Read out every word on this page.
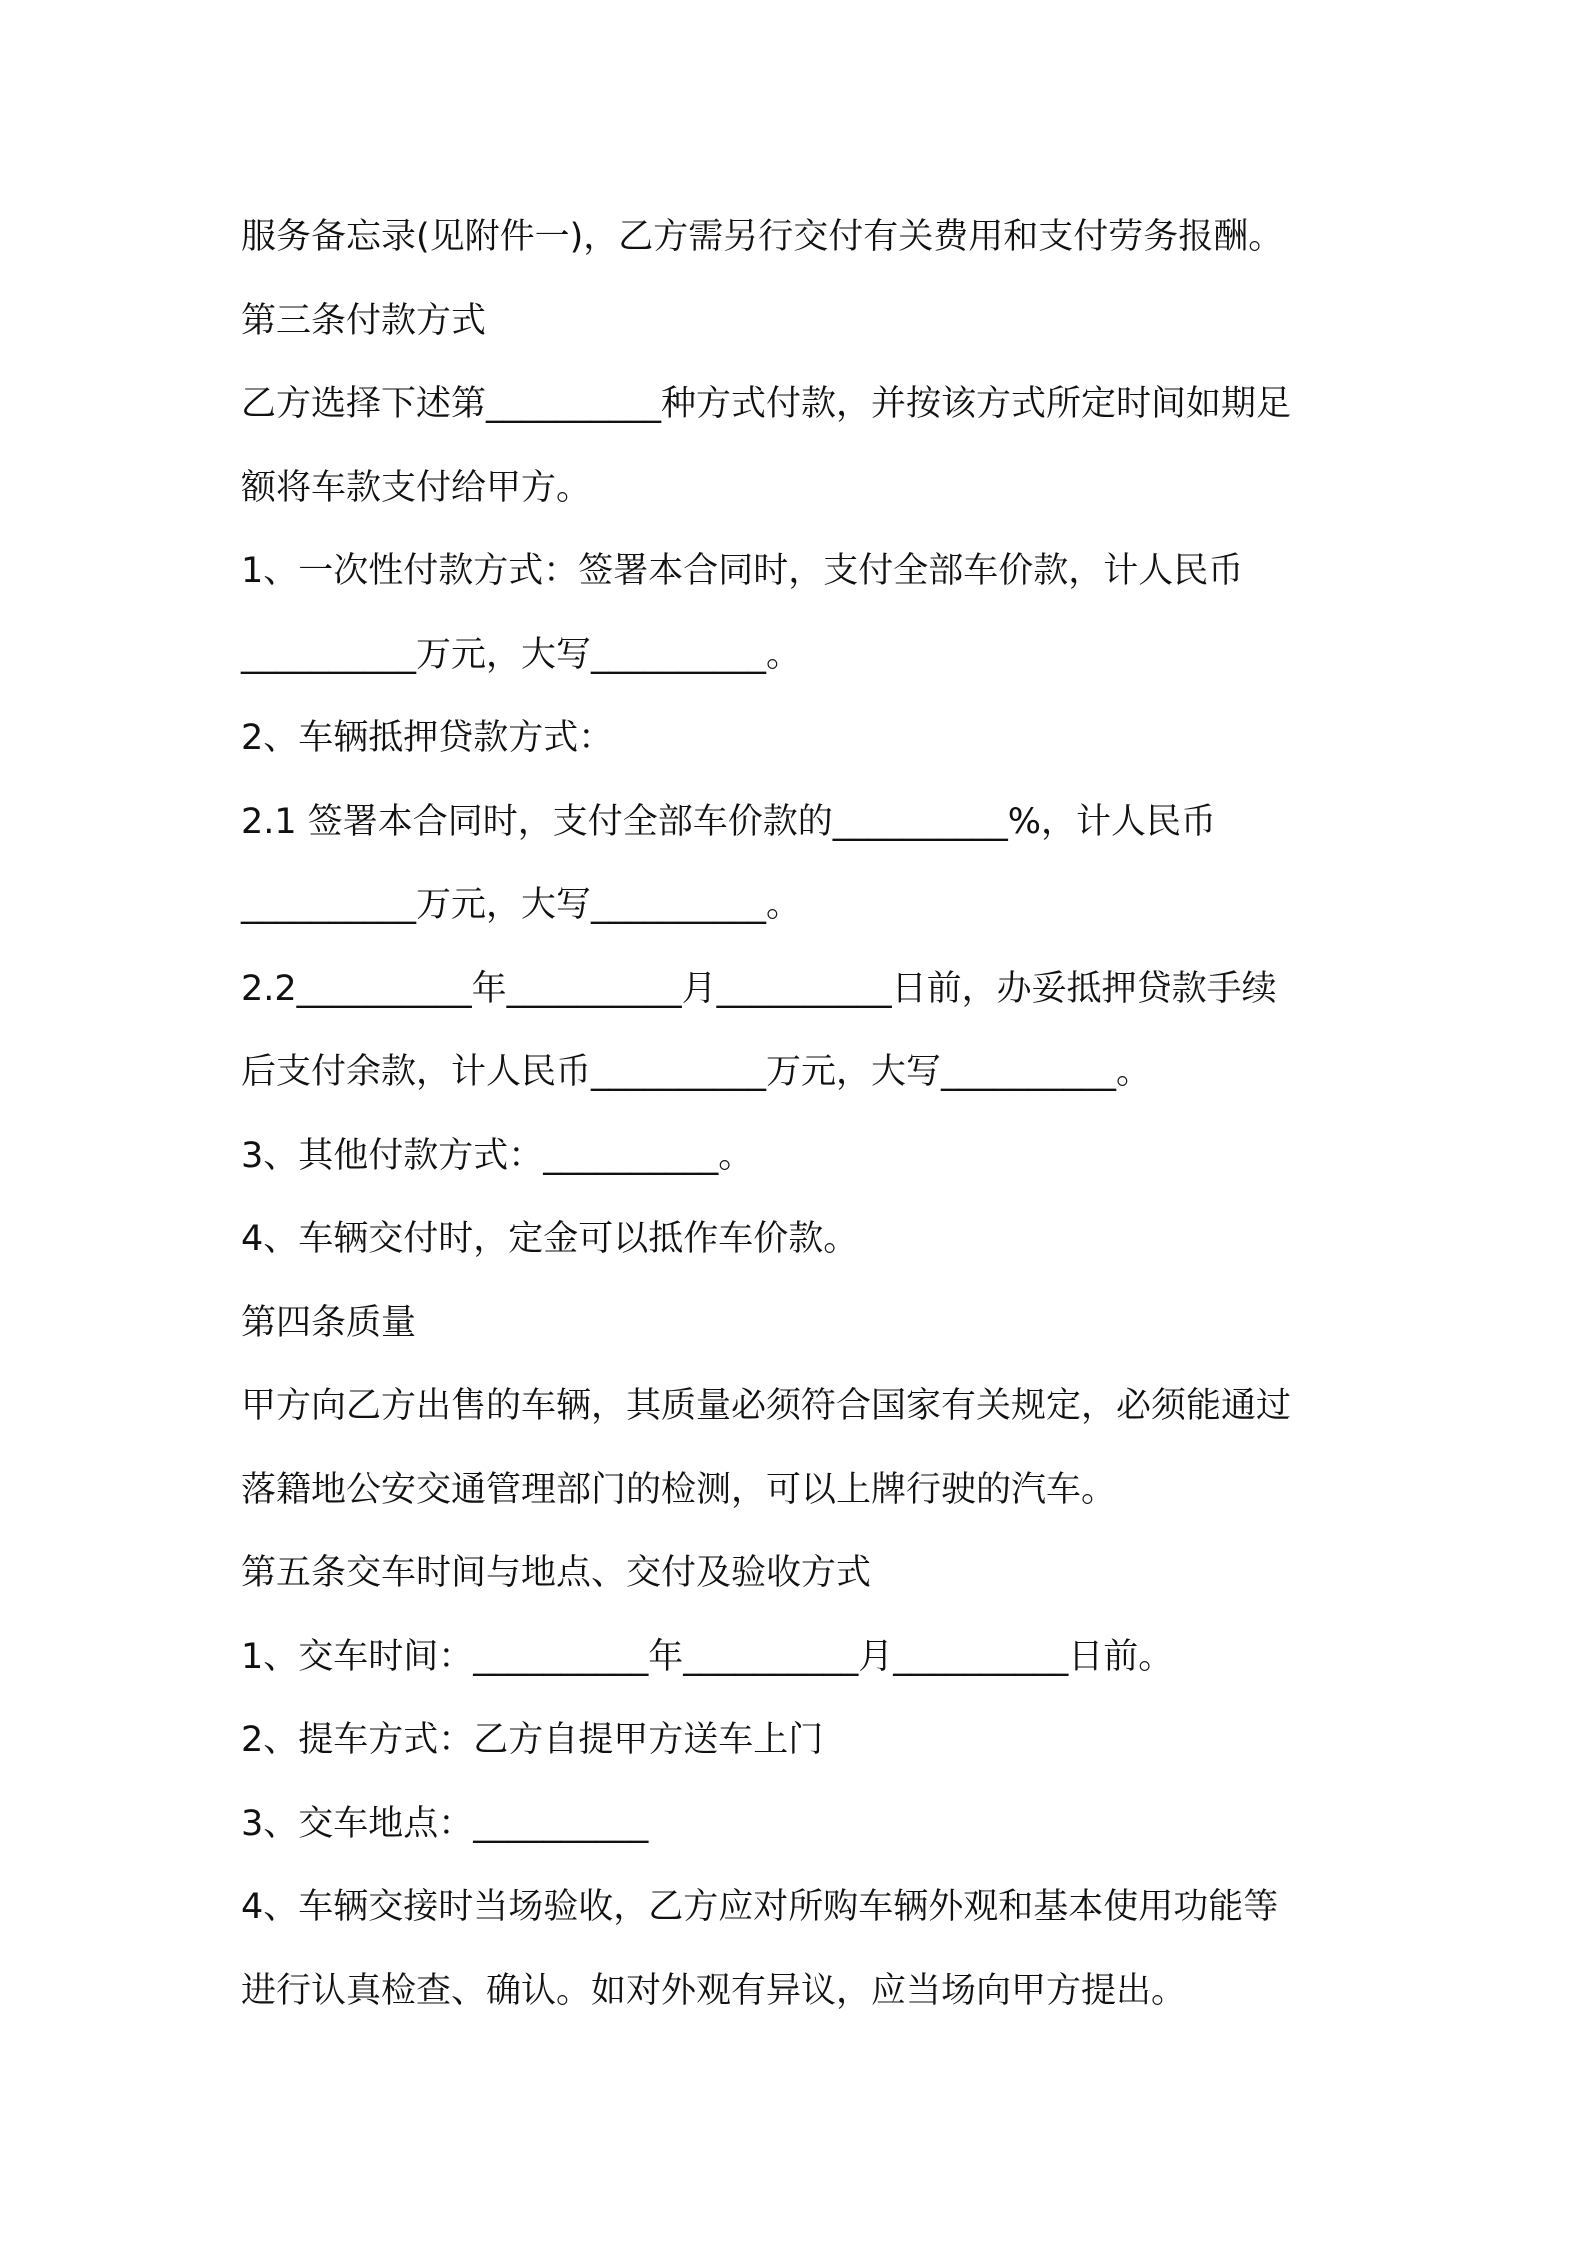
服务备忘录(见附件一)，乙方需另行交付有关费用和支付劳务报酬。
第三条付款方式
乙方选择下述第__________种方式付款，并按该方式所定时间如期足
额将车款支付给甲方。
1、一次性付款方式：签署本合同时，支付全部车价款，计人民币
__________万元，大写__________。
2、车辆抵押贷款方式：
2.1 签署本合同时，支付全部车价款的__________%，计人民币
__________万元，大写__________。
2.2__________年__________月__________日前，办妥抵押贷款手续
后支付余款，计人民币__________万元，大写__________。
3、其他付款方式：__________。
4、车辆交付时，定金可以抵作车价款。
第四条质量
甲方向乙方出售的车辆，其质量必须符合国家有关规定，必须能通过
落籍地公安交通管理部门的检测，可以上牌行驶的汽车。
第五条交车时间与地点、交付及验收方式
1、交车时间：__________年__________月__________日前。
2、提车方式：乙方自提甲方送车上门
3、交车地点：__________
4、车辆交接时当场验收，乙方应对所购车辆外观和基本使用功能等
进行认真检查、确认。如对外观有异议，应当场向甲方提出。
